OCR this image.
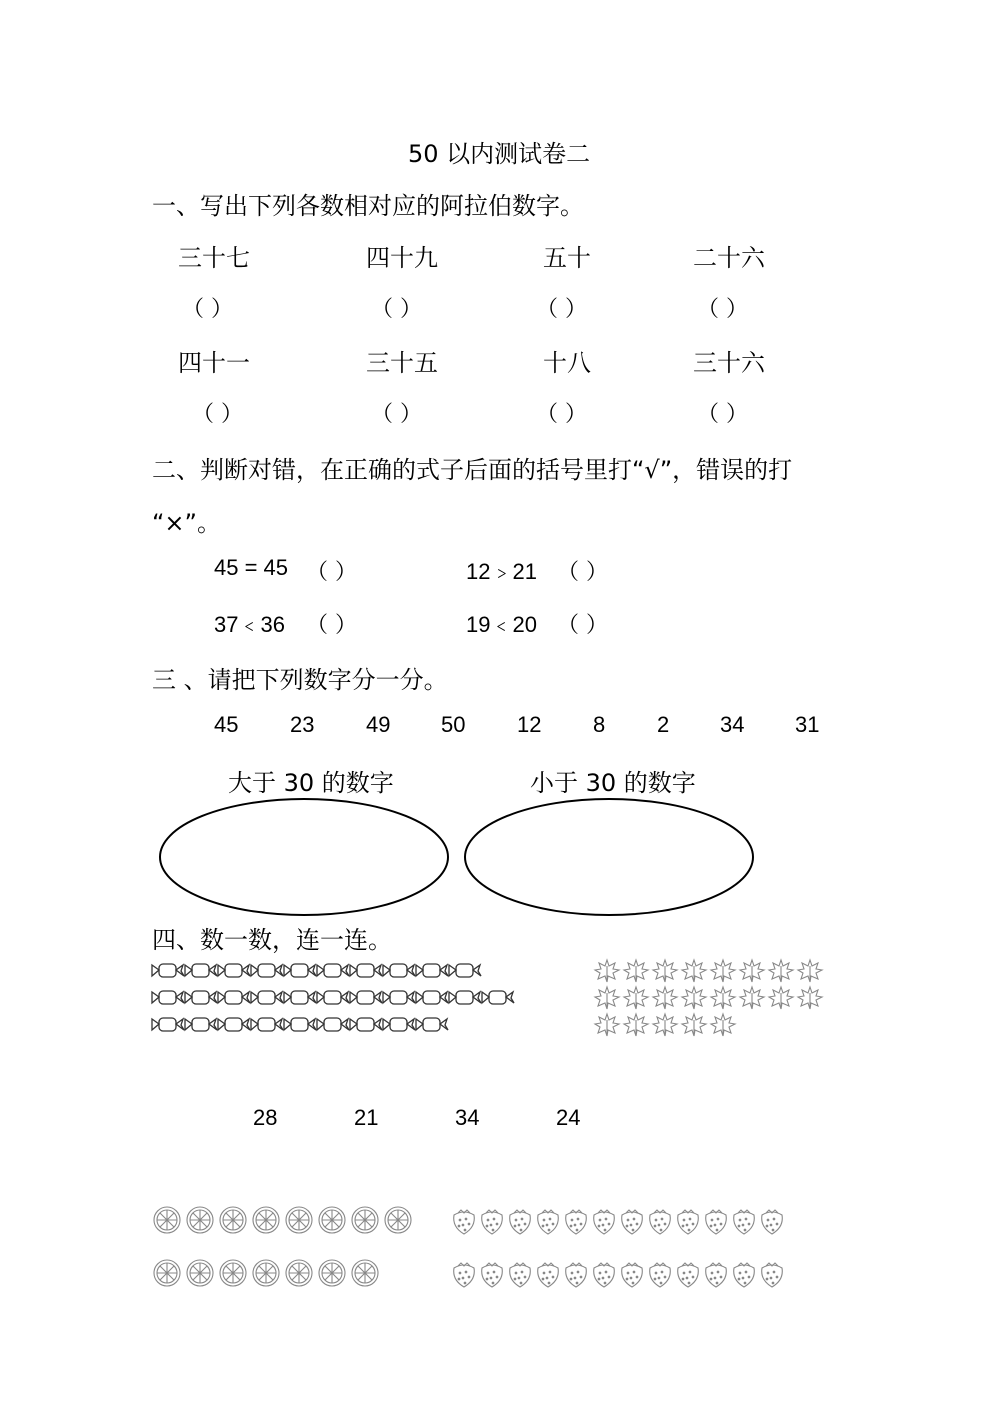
50 以内测试卷二
一、写出下列各数相对应的阿拉伯数字。
三十七	四十九	五十	二十六
（ ）	（ ）	（ ）	（ ）
四十一	三十五	十八	三十六
（ ）	（ ）	（ ）	（ ）
二、判断对错，在正确的式子后面的括号里打“√”，错误的打
“×”。
45 = 45 （ ）	12﹥21 （ ）
37﹤36 （ ）	19﹤20 （ ）
三 、请把下列数字分一分。
45 23 49 50 12 8 2 34 31
大于 30 的数字	小于 30 的数字
四、数一数，连一连。
28	21	34	24
